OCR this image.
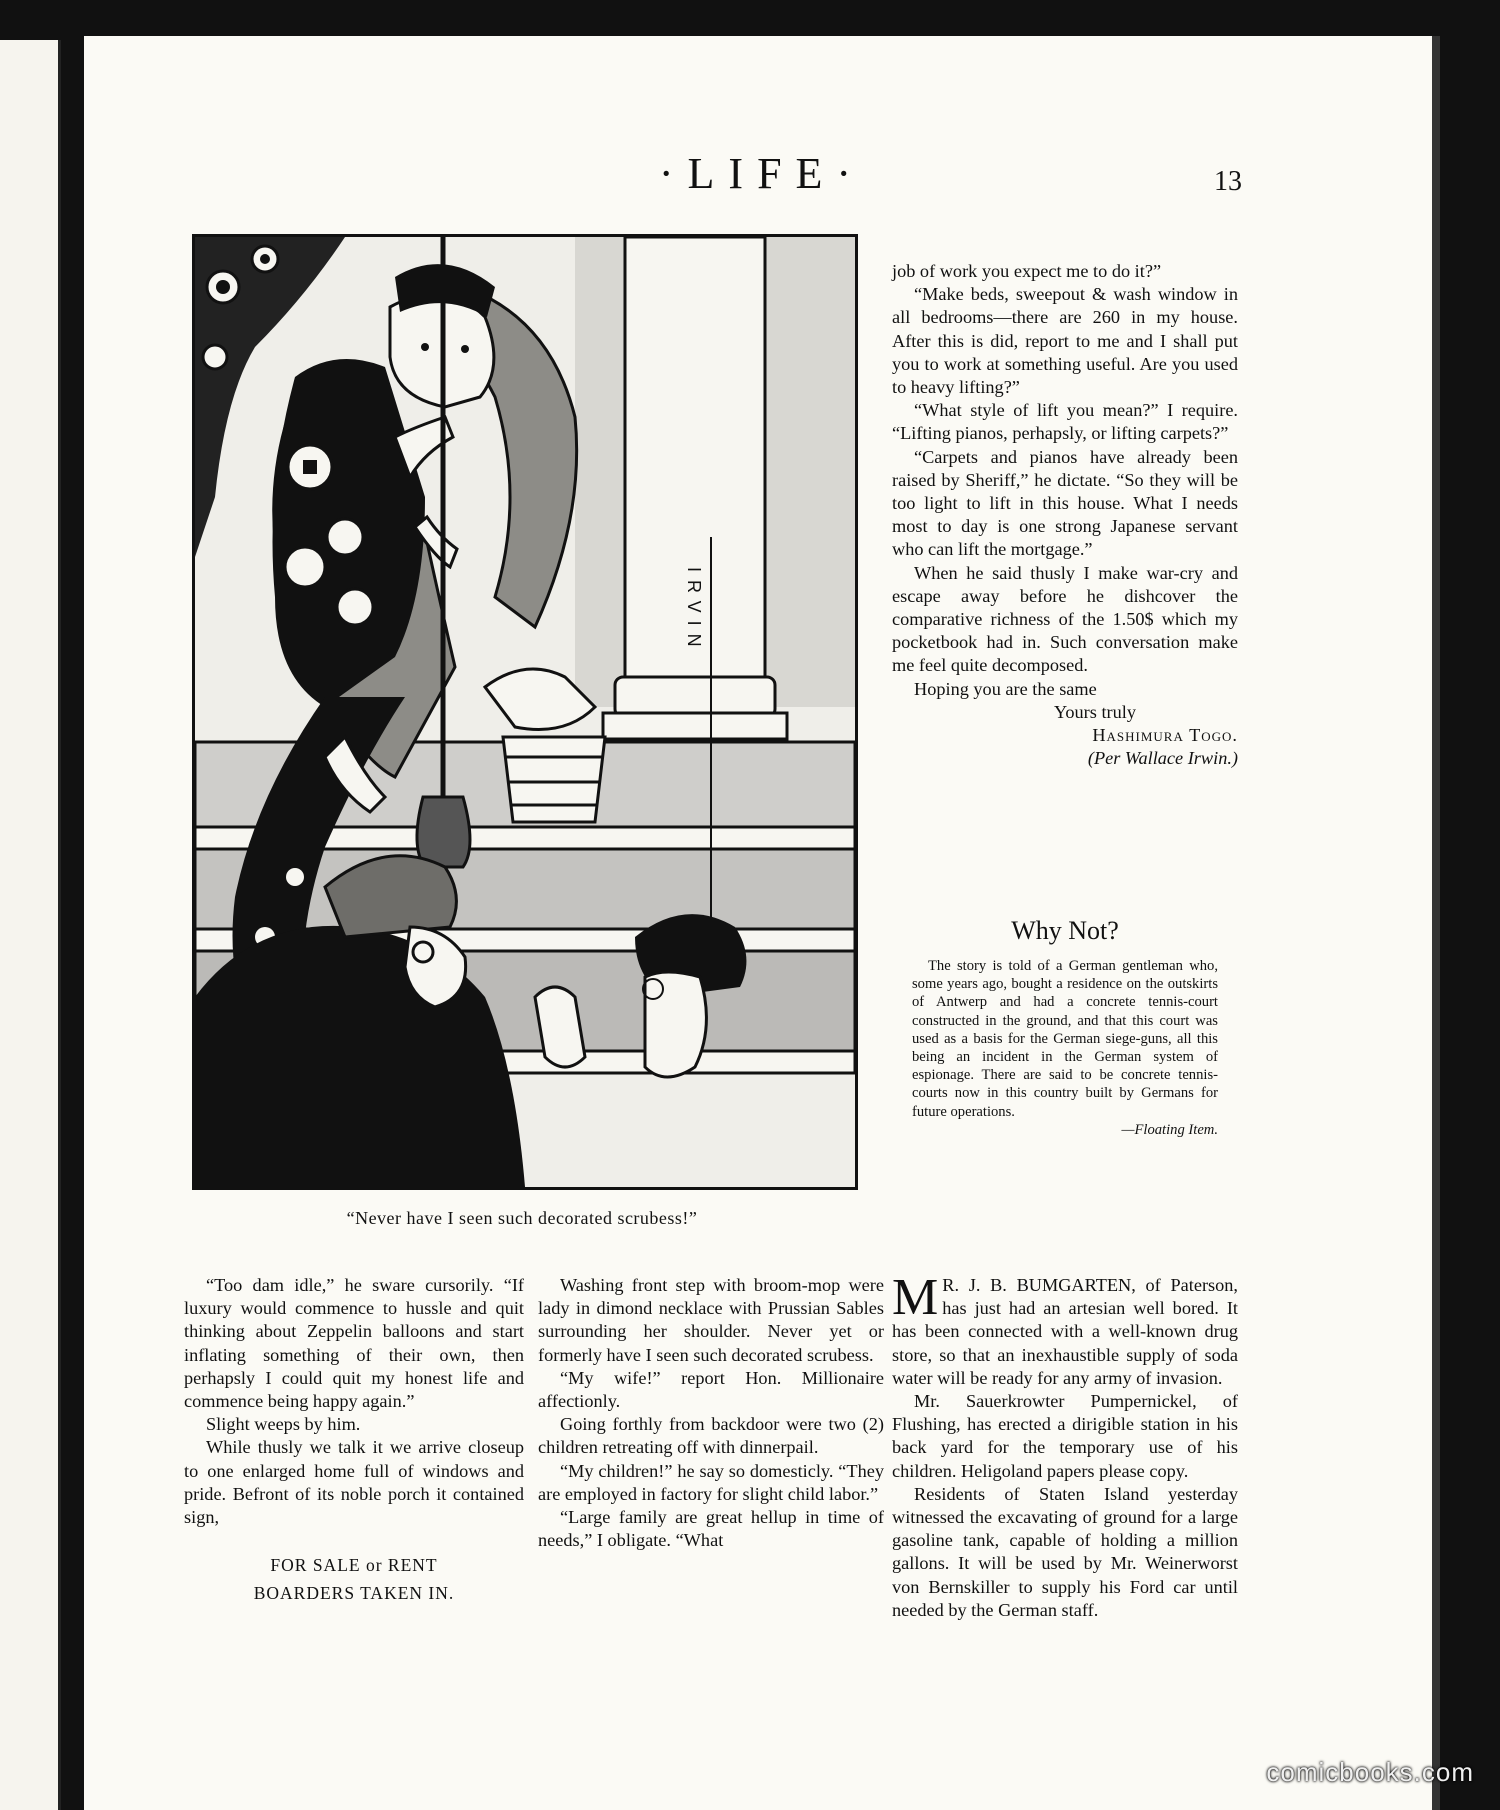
·LIFE·	13
IRVIN
“Never have I seen such decorated scrubess!”

job of work you expect me to do it?”

“Make beds, sweepout & wash window in all bedrooms—there are 260 in my house. After this is did, report to me and I shall put you to work at something useful. Are you used to heavy lifting?”

“What style of lift you mean?” I require. “Lifting pianos, perhapsly, or lifting carpets?”

“Carpets and pianos have already been raised by Sheriff,” he dictate. “So they will be too light to lift in this house. What I needs most to day is one strong Japanese servant who can lift the mortgage.”

When he said thusly I make war-cry and escape away before he dishcover the comparative richness of the 1.50$ which my pocketbook had in. Such conversation make me feel quite decomposed.

Hoping you are the same

Yours truly

Hashimura Togo.

(Per Wallace Irwin.)

Why Not?

The story is told of a German gentleman who, some years ago, bought a residence on the outskirts of Antwerp and had a concrete tennis-court constructed in the ground, and that this court was used as a basis for the German siege-guns, all this being an incident in the German system of espionage. There are said to be concrete tennis-courts now in this country built by Germans for future operations.

—Floating Item.

“Too dam idle,” he sware cursorily. “If luxury would commence to hussle and quit thinking about Zeppelin balloons and start inflating something of their own, then perhapsly I could quit my honest life and commence being happy again.”

Slight weeps by him.

While thusly we talk it we arrive closeup to one enlarged home full of windows and pride. Befront of its noble porch it contained sign,

FOR SALE or RENT
BOARDERS TAKEN IN.

Washing front step with broom-mop were lady in dimond necklace with Prussian Sables surrounding her shoulder. Never yet or formerly have I seen such decorated scrubess.

“My wife!” report Hon. Millionaire affectionly.

Going forthly from backdoor were two (2) children retreating off with dinnerpail.

“My children!” he say so domesticly. “They are employed in factory for slight child labor.”

“Large family are great hellup in time of needs,” I obligate. “What

M R. J. B. BUMGARTEN, of Paterson, has just had an artesian well bored. It has been connected with a well-known drug store, so that an inexhaustible supply of soda water will be ready for any army of invasion.

Mr. Sauerkrowter Pumpernickel, of Flushing, has erected a dirigible station in his back yard for the temporary use of his children. Heligoland papers please copy.

Residents of Staten Island yesterday witnessed the excavating of ground for a large gasoline tank, capable of holding a million gallons. It will be used by Mr. Weinerworst von Bernskiller to supply his Ford car until needed by the German staff.

comicbooks.com
